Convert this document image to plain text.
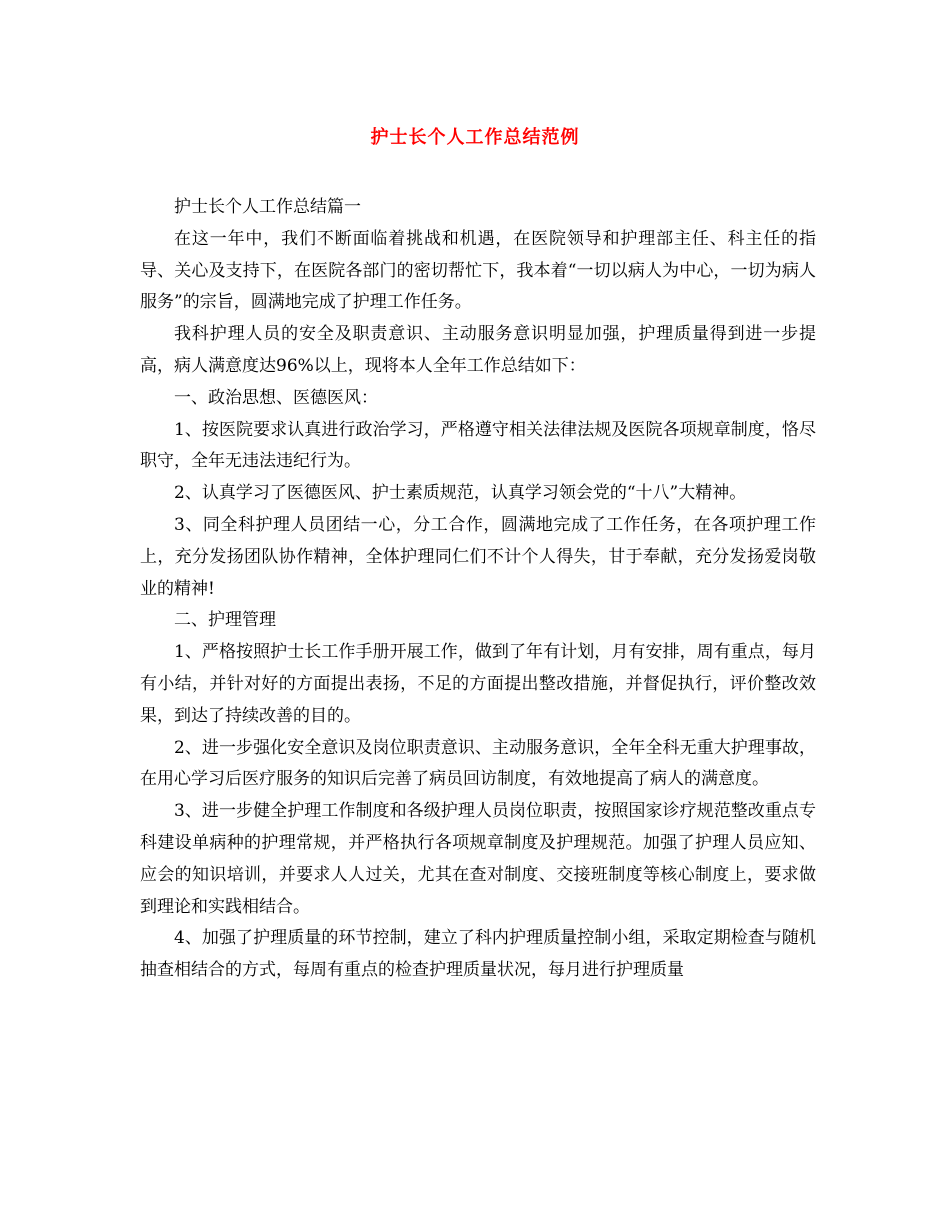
护士长个人工作总结范例

护士长个人工作总结篇一

在这一年中，我们不断面临着挑战和机遇，在医院领导和护理部主任、科主任的指导、关心及支持下，在医院各部门的密切帮忙下，我本着“一切以病人为中心，一切为病人服务”的宗旨，圆满地完成了护理工作任务。

我科护理人员的安全及职责意识、主动服务意识明显加强，护理质量得到进一步提高，病人满意度达96%以上，现将本人全年工作总结如下：

一、政治思想、医德医风：

1、按医院要求认真进行政治学习，严格遵守相关法律法规及医院各项规章制度，恪尽职守，全年无违法违纪行为。

2、认真学习了医德医风、护士素质规范，认真学习领会党的“十八”大精神。

3、同全科护理人员团结一心，分工合作，圆满地完成了工作任务，在各项护理工作上，充分发扬团队协作精神，全体护理同仁们不计个人得失，甘于奉献，充分发扬爱岗敬业的精神!

二、护理管理

1、严格按照护士长工作手册开展工作，做到了年有计划，月有安排，周有重点，每月有小结，并针对好的方面提出表扬，不足的方面提出整改措施，并督促执行，评价整改效果，到达了持续改善的目的。

2、进一步强化安全意识及岗位职责意识、主动服务意识，全年全科无重大护理事故，在用心学习后医疗服务的知识后完善了病员回访制度，有效地提高了病人的满意度。

3、进一步健全护理工作制度和各级护理人员岗位职责，按照国家诊疗规范整改重点专科建设单病种的护理常规，并严格执行各项规章制度及护理规范。加强了护理人员应知、应会的知识培训，并要求人人过关，尤其在查对制度、交接班制度等核心制度上，要求做到理论和实践相结合。

4、加强了护理质量的环节控制，建立了科内护理质量控制小组，采取定期检查与随机抽查相结合的方式，每周有重点的检查护理质量状况，每月进行护理质量
